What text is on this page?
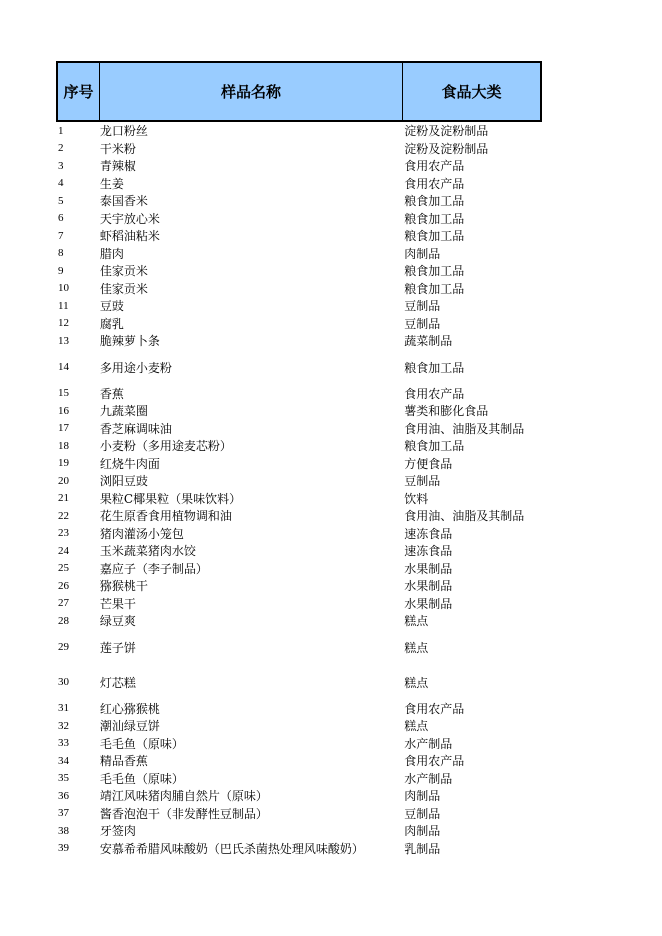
序号	样品名称	食品大类
1	龙口粉丝	淀粉及淀粉制品
2	干米粉	淀粉及淀粉制品
3	青辣椒	食用农产品
4	生姜	食用农产品
5	泰国香米	粮食加工品
6	天宇放心米	粮食加工品
7	虾稻油粘米	粮食加工品
8	腊肉	肉制品
9	佳家贡米	粮食加工品
10	佳家贡米	粮食加工品
11	豆豉	豆制品
12	腐乳	豆制品
13	脆辣萝卜条	蔬菜制品
14	多用途小麦粉	粮食加工品
15	香蕉	食用农产品
16	九蔬菜圈	薯类和膨化食品
17	香芝麻调味油	食用油、油脂及其制品
18	小麦粉（多用途麦芯粉）	粮食加工品
19	红烧牛肉面	方便食品
20	浏阳豆豉	豆制品
21	果粒C椰果粒（果味饮料）	饮料
22	花生原香食用植物调和油	食用油、油脂及其制品
23	猪肉灌汤小笼包	速冻食品
24	玉米蔬菜猪肉水饺	速冻食品
25	嘉应子（李子制品）	水果制品
26	猕猴桃干	水果制品
27	芒果干	水果制品
28	绿豆爽	糕点
29	莲子饼	糕点
30	灯芯糕	糕点
31	红心猕猴桃	食用农产品
32	潮汕绿豆饼	糕点
33	毛毛鱼（原味）	水产制品
34	精品香蕉	食用农产品
35	毛毛鱼（原味）	水产制品
36	靖江风味猪肉脯自然片（原味）	肉制品
37	酱香泡泡干（非发酵性豆制品）	豆制品
38	牙签肉	肉制品
39	安慕希希腊风味酸奶（巴氏杀菌热处理风味酸奶）	乳制品
